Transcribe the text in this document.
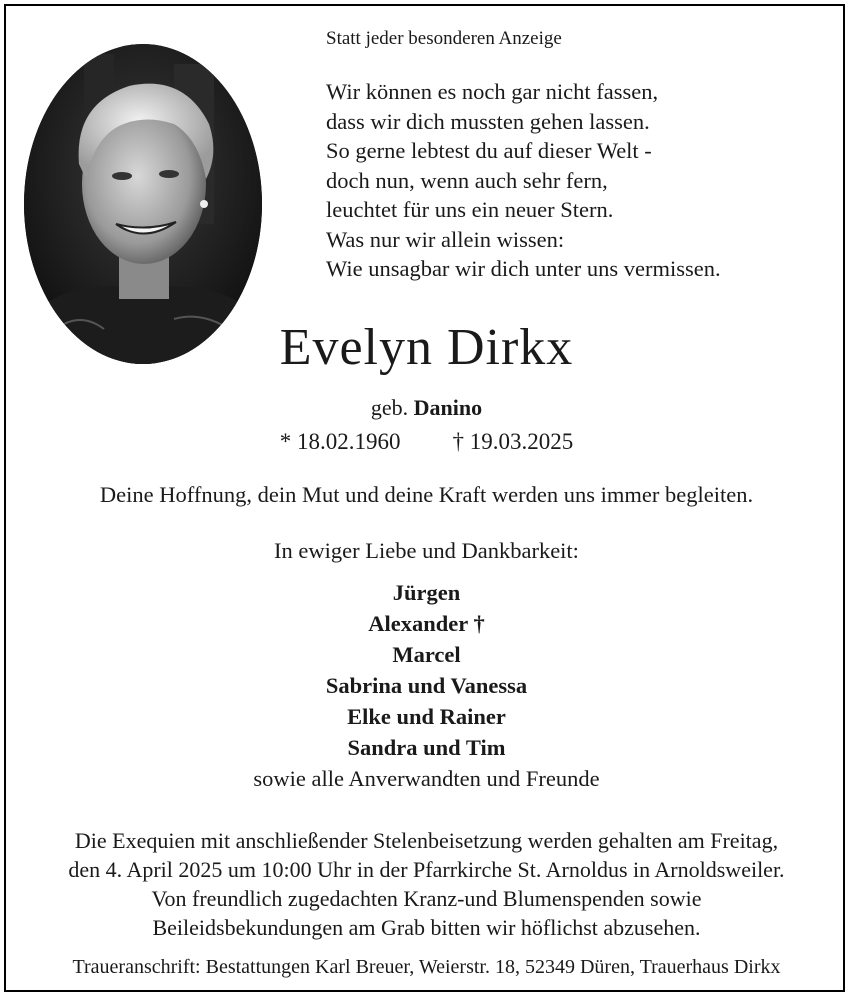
Statt jeder besonderen Anzeige
Wir können es noch gar nicht fassen,
dass wir dich mussten gehen lassen.
So gerne lebtest du auf dieser Welt -
doch nun, wenn auch sehr fern,
leuchtet für uns ein neuer Stern.
Was nur wir allein wissen:
Wie unsagbar wir dich unter uns vermissen.
Evelyn Dirkx
geb. Danino
* 18.02.1960 † 19.03.2025
Deine Hoffnung, dein Mut und deine Kraft werden uns immer begleiten.
In ewiger Liebe und Dankbarkeit:
Jürgen
Alexander †
Marcel
Sabrina und Vanessa
Elke und Rainer
Sandra und Tim
sowie alle Anverwandten und Freunde
Die Exequien mit anschließender Stelenbeisetzung werden gehalten am Freitag,
den 4. April 2025 um 10:00 Uhr in der Pfarrkirche St. Arnoldus in Arnoldsweiler.
Von freundlich zugedachten Kranz-und Blumenspenden sowie
Beileidsbekundungen am Grab bitten wir höflichst abzusehen.
Traueranschrift: Bestattungen Karl Breuer, Weierstr. 18, 52349 Düren, Trauerhaus Dirkx
